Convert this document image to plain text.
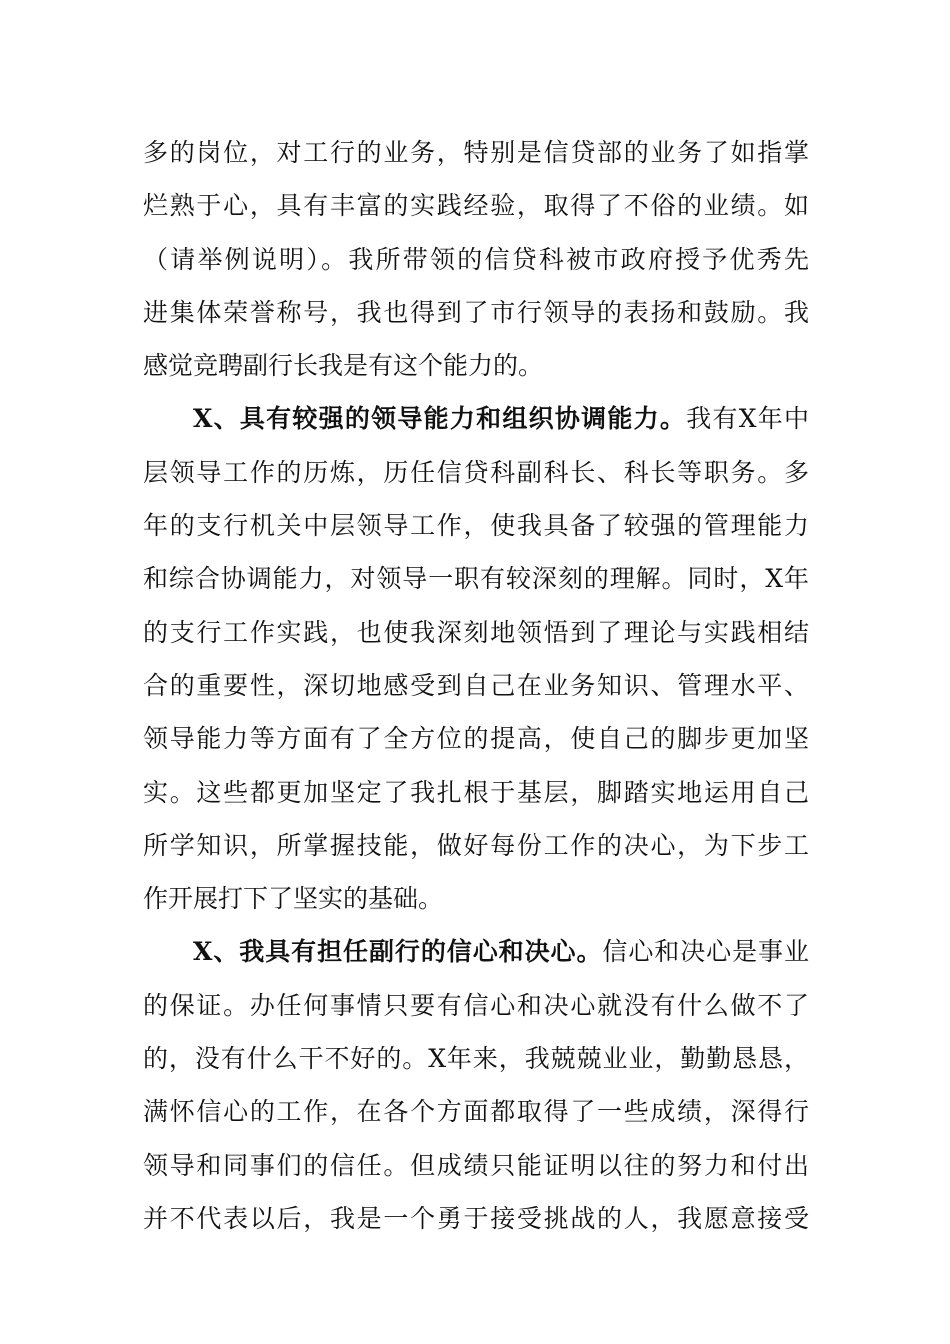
多的岗位，对工行的业务，特别是信贷部的业务了如指掌
烂熟于心，具有丰富的实践经验，取得了不俗的业绩。如
（请举例说明）。我所带领的信贷科被市政府授予优秀先
进集体荣誉称号，我也得到了市行领导的表扬和鼓励。我
感觉竞聘副行长我是有这个能力的。
X、具有较强的领导能力和组织协调能力。我有X年中
层领导工作的历炼，历任信贷科副科长、科长等职务。多
年的支行机关中层领导工作，使我具备了较强的管理能力
和综合协调能力，对领导一职有较深刻的理解。同时，X年
的支行工作实践，也使我深刻地领悟到了理论与实践相结
合的重要性，深切地感受到自己在业务知识、管理水平、
领导能力等方面有了全方位的提高，使自己的脚步更加坚
实。这些都更加坚定了我扎根于基层，脚踏实地运用自己
所学知识，所掌握技能，做好每份工作的决心，为下步工
作开展打下了坚实的基础。
X、我具有担任副行的信心和决心。信心和决心是事业
的保证。办任何事情只要有信心和决心就没有什么做不了
的，没有什么干不好的。X年来，我兢兢业业，勤勤恳恳，
满怀信心的工作，在各个方面都取得了一些成绩，深得行
领导和同事们的信任。但成绩只能证明以往的努力和付出
并不代表以后，我是一个勇于接受挑战的人，我愿意接受
